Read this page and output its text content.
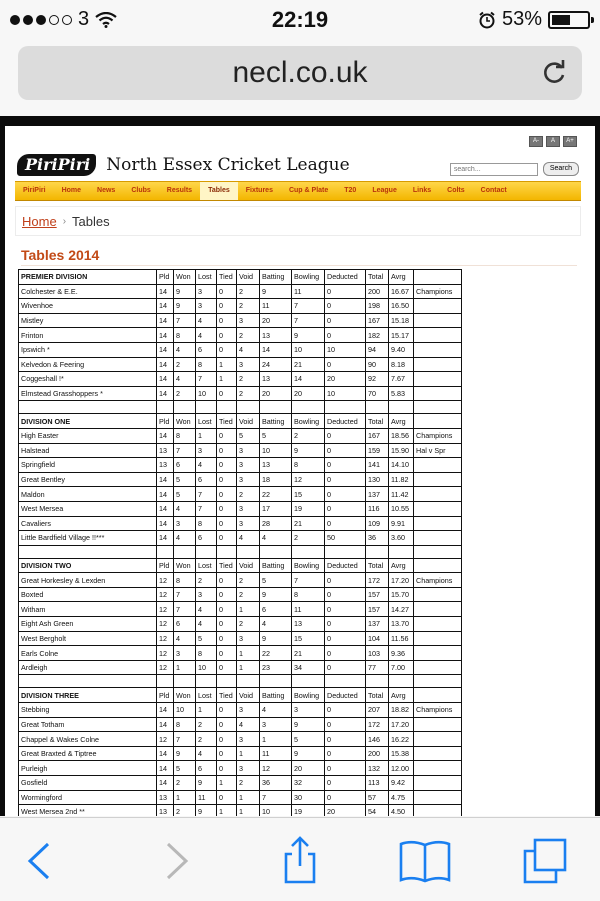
3	22:19	53%
necl.co.uk
A-	A	A+
PiriPiri North Essex Cricket League
search...	Search
PiriPiri	Home	News	Clubs	Results	Tables	Fixtures	Cup & Plate	T20	League	Links	Colts	Contact
Home › Tables
Tables 2014
PREMIER DIVISION	Pld	Won	Lost	Tied	Void	Batting	Bowling	Deducted	Total	Avrg	
Colchester & E.E.	14	9	3	0	2	9	11	0	200	16.67	Champions
Wivenhoe	14	9	3	0	2	11	7	0	198	16.50	
Mistley	14	7	4	0	3	20	7	0	167	15.18	
Frinton	14	8	4	0	2	13	9	0	182	15.17	
Ipswich *	14	4	6	0	4	14	10	10	94	9.40	
Kelvedon & Feering	14	2	8	1	3	24	21	0	90	8.18	
Coggeshall !*	14	4	7	1	2	13	14	20	92	7.67	
Elmstead Grasshoppers *	14	2	10	0	2	20	20	10	70	5.83	

DIVISION ONE	Pld	Won	Lost	Tied	Void	Batting	Bowling	Deducted	Total	Avrg	
High Easter	14	8	1	0	5	5	2	0	167	18.56	Champions
Halstead	13	7	3	0	3	10	9	0	159	15.90	Hal v Spr
Springfield	13	6	4	0	3	13	8	0	141	14.10	
Great Bentley	14	5	6	0	3	18	12	0	130	11.82	
Maldon	14	5	7	0	2	22	15	0	137	11.42	
West Mersea	14	4	7	0	3	17	19	0	116	10.55	
Cavaliers	14	3	8	0	3	28	21	0	109	9.91	
Little Bardfield Village !!***	14	4	6	0	4	4	2	50	36	3.60	

DIVISION TWO	Pld	Won	Lost	Tied	Void	Batting	Bowling	Deducted	Total	Avrg	
Great Horkesley & Lexden	12	8	2	0	2	5	7	0	172	17.20	Champions
Boxted	12	7	3	0	2	9	8	0	157	15.70	
Witham	12	7	4	0	1	6	11	0	157	14.27	
Eight Ash Green	12	6	4	0	2	4	13	0	137	13.70	
West Bergholt	12	4	5	0	3	9	15	0	104	11.56	
Earls Colne	12	3	8	0	1	22	21	0	103	9.36	
Ardleigh	12	1	10	0	1	23	34	0	77	7.00	

DIVISION THREE	Pld	Won	Lost	Tied	Void	Batting	Bowling	Deducted	Total	Avrg	
Stebbing	14	10	1	0	3	4	3	0	207	18.82	Champions
Great Totham	14	8	2	0	4	3	9	0	172	17.20	
Chappel & Wakes Colne	12	7	2	0	3	1	5	0	146	16.22	
Great Braxted & Tiptree	14	9	4	0	1	11	9	0	200	15.38	
Purleigh	14	5	6	0	3	12	20	0	132	12.00	
Gosfield	14	2	9	1	2	36	32	0	113	9.42	
Wormingford	13	1	11	0	1	7	30	0	57	4.75	
West Mersea 2nd **	13	2	9	1	1	10	19	20	54	4.50	
